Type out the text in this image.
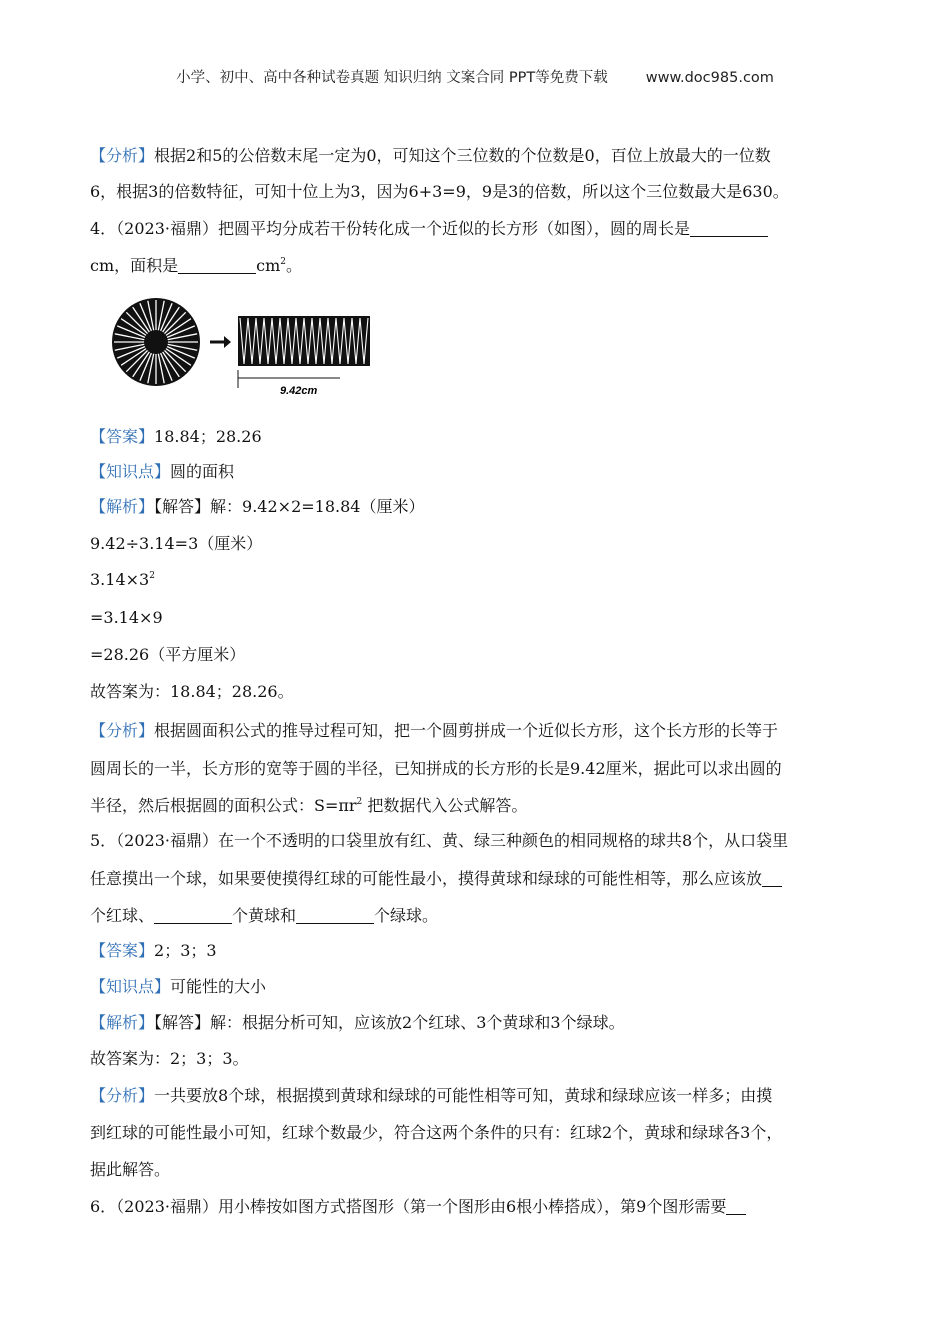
小学、初中、高中各种试卷真题 知识归纳 文案合同 PPT等免费下载	www.doc985.com
【分析】根据2和5的公倍数末尾一定为0，可知这个三位数的个位数是0，百位上放最大的一位数
6，根据3的倍数特征，可知十位上为3，因为6+3=9，9是3的倍数，所以这个三位数最大是630。
4．（2023·福鼎）把圆平均分成若干份转化成一个近似的长方形（如图），圆的周长是
cm，面积是	$cm^2$。
9.42cm
【答案】18.84；28.26
【知识点】圆的面积
【解析】【解答】解：9.42×2=18.84（厘米）
9.42÷3.14=3（厘米）
$3.14\times 3^2$
=3.14×9
=28.26（平方厘米）
故答案为：18.84；28.26。
【分析】根据圆面积公式的推导过程可知，把一个圆剪拼成一个近似长方形，这个长方形的长等于
圆周长的一半，长方形的宽等于圆的半径，已知拼成的长方形的长是9.42厘米，据此可以求出圆的
半径，然后根据圆的面积公式：$S=\pi r^2$ 把数据代入公式解答。
5．（2023·福鼎）在一个不透明的口袋里放有红、黄、绿三种颜色的相同规格的球共8个，从口袋里
任意摸出一个球，如果要使摸得红球的可能性最小，摸得黄球和绿球的可能性相等，那么应该放
个红球、	个黄球和	个绿球。
【答案】2；3；3
【知识点】可能性的大小
【解析】【解答】解：根据分析可知，应该放2个红球、3个黄球和3个绿球。
故答案为：2；3；3。
【分析】一共要放8个球，根据摸到黄球和绿球的可能性相等可知，黄球和绿球应该一样多；由摸
到红球的可能性最小可知，红球个数最少，符合这两个条件的只有：红球2个，黄球和绿球各3个，
据此解答。
6．（2023·福鼎）用小棒按如图方式搭图形（第一个图形由6根小棒搭成），第9个图形需要
